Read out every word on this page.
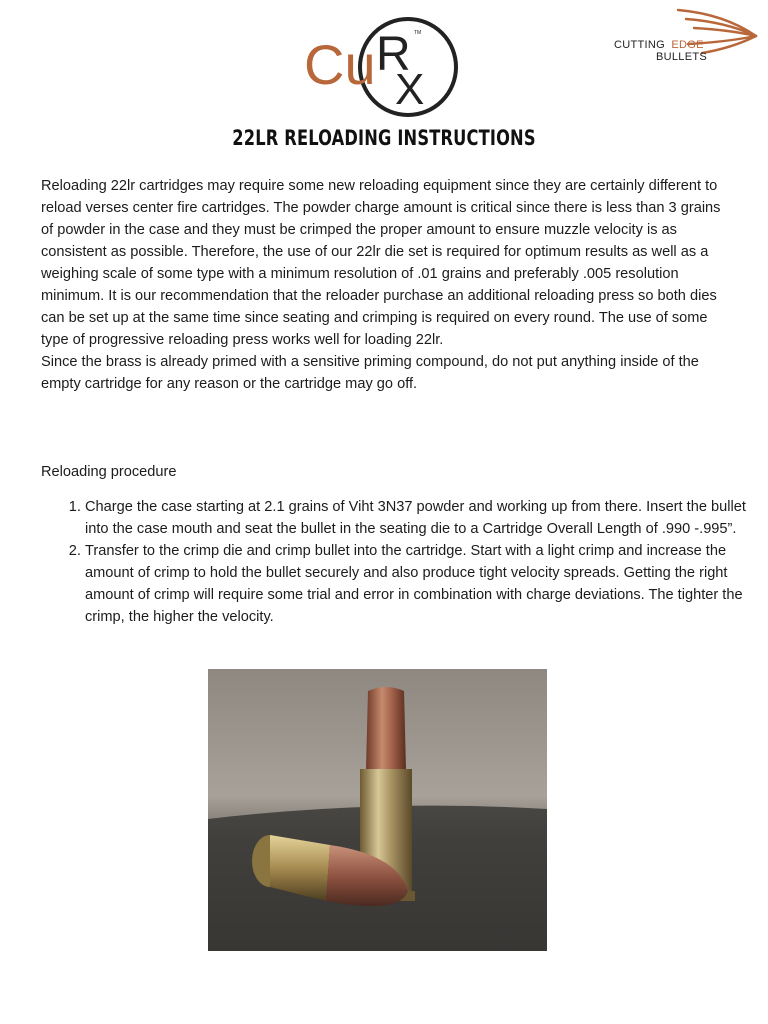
Cu R
X
TM
CUTTING EDGE
BULLETS
22LR RELOADING INSTRUCTIONS

Reloading 22lr cartridges may require some new reloading equipment since they are certainly different to reload verses center fire cartridges. The powder charge amount is critical since there is less than 3 grains of powder in the case and they must be crimped the proper amount to ensure muzzle velocity is as consistent as possible. Therefore, the use of our 22lr die set is required for optimum results as well as a weighing scale of some type with a minimum resolution of .01 grains and preferably .005 resolution minimum. It is our recommendation that the reloader purchase an additional reloading press so both dies can be set up at the same time since seating and crimping is required on every round. The use of some type of progressive reloading press works well for loading 22lr.

Since the brass is already primed with a sensitive priming compound, do not put anything inside of the empty cartridge for any reason or the cartridge may go off.

Reloading procedure
1. Charge the case starting at 2.1 grains of Viht 3N37 powder and working up from there. Insert the bullet into the case mouth and seat the bullet in the seating die to a Cartridge Overall Length of .990 -.995”.
2. Transfer to the crimp die and crimp bullet into the cartridge. Start with a light crimp and increase the amount of crimp to hold the bullet securely and also produce tight velocity spreads. Getting the right amount of crimp will require some trial and error in combination with charge deviations. The tighter the crimp, the higher the velocity.
